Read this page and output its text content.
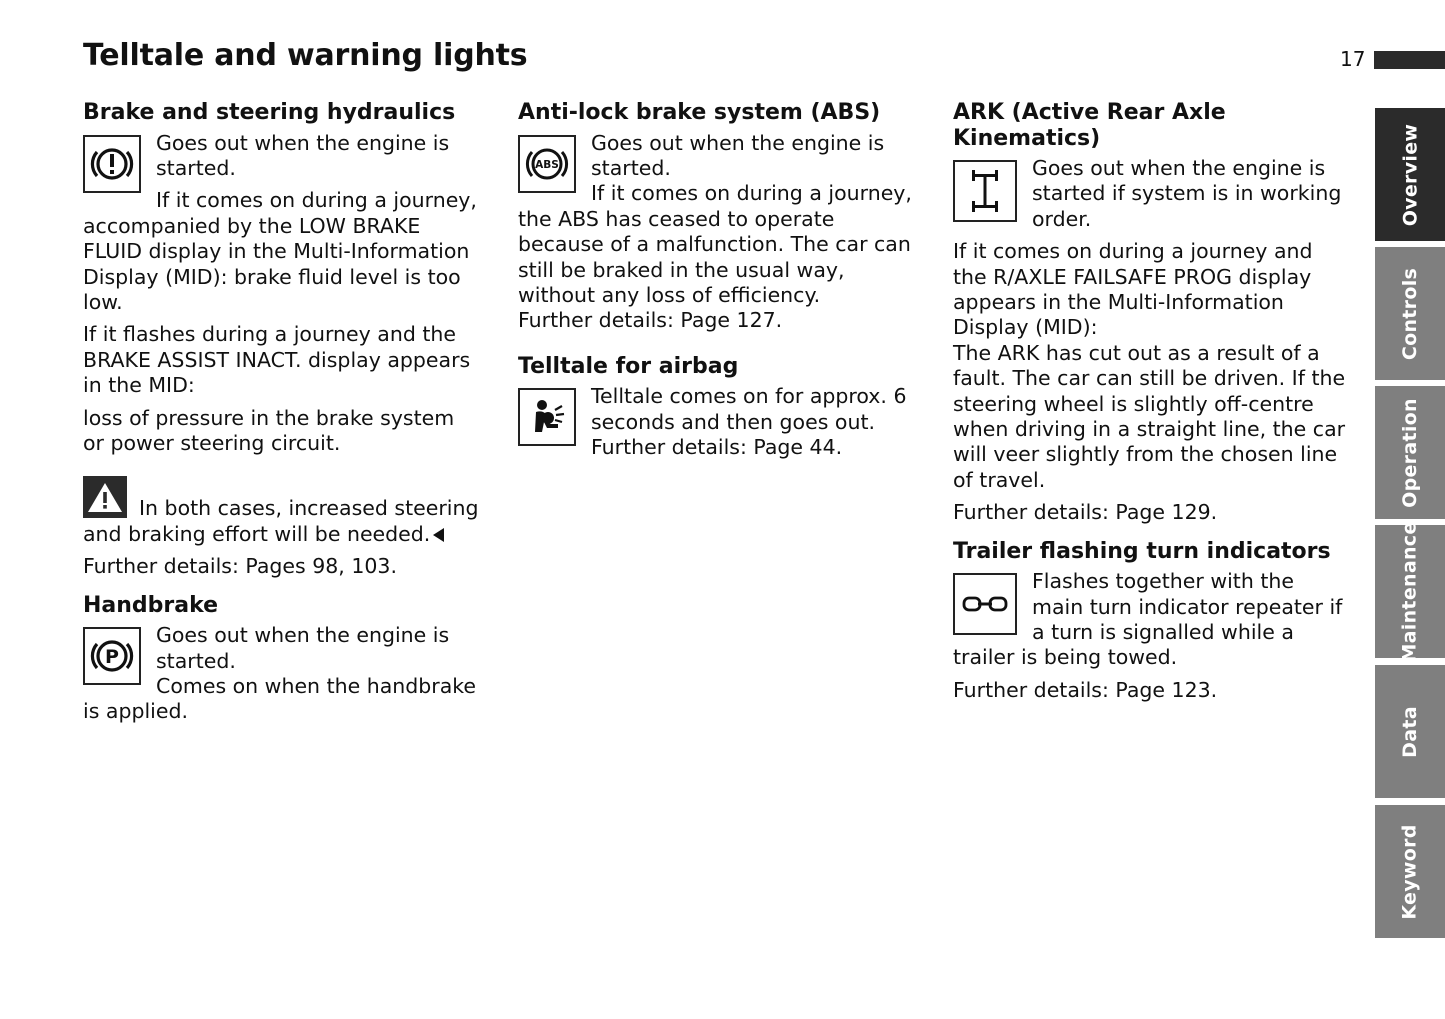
Telltale and warning lights	17
Brake and steering hydraulics

Goes out when the engine is started.

If it comes on during a journey, accompanied by the LOW BRAKE FLUID display in the Multi-Information Display (MID): brake fluid level is too low.

If it flashes during a journey and the BRAKE ASSIST INACT. display appears in the MID:

loss of pressure in the brake system or power steering circuit.

In both cases, increased steering and braking effort will be needed.

Further details: Pages 98, 103.

Handbrake
P

Goes out when the engine is started.

Comes on when the handbrake is applied.

Anti-lock brake system (ABS)
ABS

Goes out when the engine is started.

If it comes on during a journey, the ABS has ceased to operate because of a malfunction. The car can still be braked in the usual way, without any loss of efficiency.

Further details: Page 127.

Telltale for airbag

Telltale comes on for approx. 6 seconds and then goes out.

Further details: Page 44.

ARK (Active Rear Axle Kinematics)

Goes out when the engine is started if system is in working order.

If it comes on during a journey and the R/AXLE FAILSAFE PROG display appears in the Multi-Information Display (MID):

The ARK has cut out as a result of a fault. The car can still be driven. If the steering wheel is slightly off-centre when driving in a straight line, the car will veer slightly from the chosen line of travel.

Further details: Page 129.

Trailer flashing turn indicators

Flashes together with the main turn indicator repeater if a turn is signalled while a trailer is being towed.

Further details: Page 123.

Overview
Controls
Operation
Maintenance
Data
Keyword
